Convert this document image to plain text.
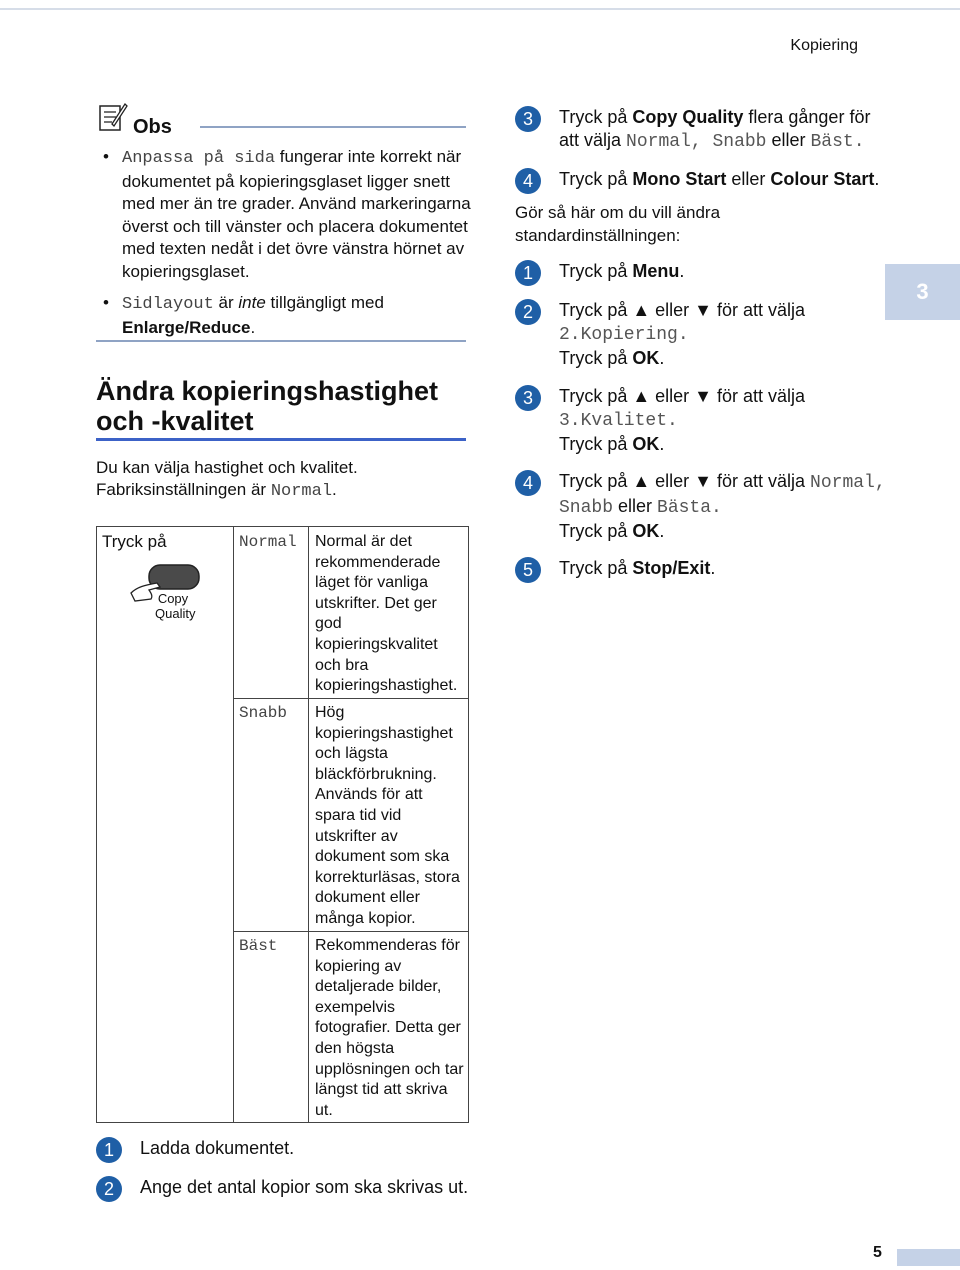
Kopiering
Obs
• Anpassa på sida fungerar inte korrekt när dokumentet på kopieringsglaset ligger snett med mer än tre grader. Använd markeringarna överst och till vänster och placera dokumentet med texten nedåt i det övre vänstra hörnet av kopieringsglaset.
• Sidlayout är inte tillgängligt med Enlarge/Reduce.
Ändra kopieringshastighet och -kvalitet
Du kan välja hastighet och kvalitet.
Fabriksinställningen är Normal.
Tryck på
Copy
Quality
Normal Normal är det rekommenderade läget för vanliga utskrifter. Det ger god kopieringskvalitet och bra kopieringshastighet.
Snabb Hög kopieringshastighet och lägsta bläckförbrukning. Används för att spara tid vid utskrifter av dokument som ska korrekturläsas, stora dokument eller många kopior.
Bäst Rekommenderas för kopiering av detaljerade bilder, exempelvis fotografier. Detta ger den högsta upplösningen och tar längst tid att skriva ut.
1	Ladda dokumentet.
2	Ange det antal kopior som ska skrivas ut.
3	Tryck på Copy Quality flera gånger för att välja Normal, Snabb eller Bäst.
4	Tryck på Mono Start eller Colour Start.
Gör så här om du vill ändra standardinställningen:
1	Tryck på Menu.
2	Tryck på ▲ eller ▼ för att välja
2.Kopiering.
Tryck på OK.
3	Tryck på ▲ eller ▼ för att välja
3.Kvalitet.
Tryck på OK.
4	Tryck på ▲ eller ▼ för att välja Normal,
Snabb eller Bästa.
Tryck på OK.
5	Tryck på Stop/Exit.
3
5
